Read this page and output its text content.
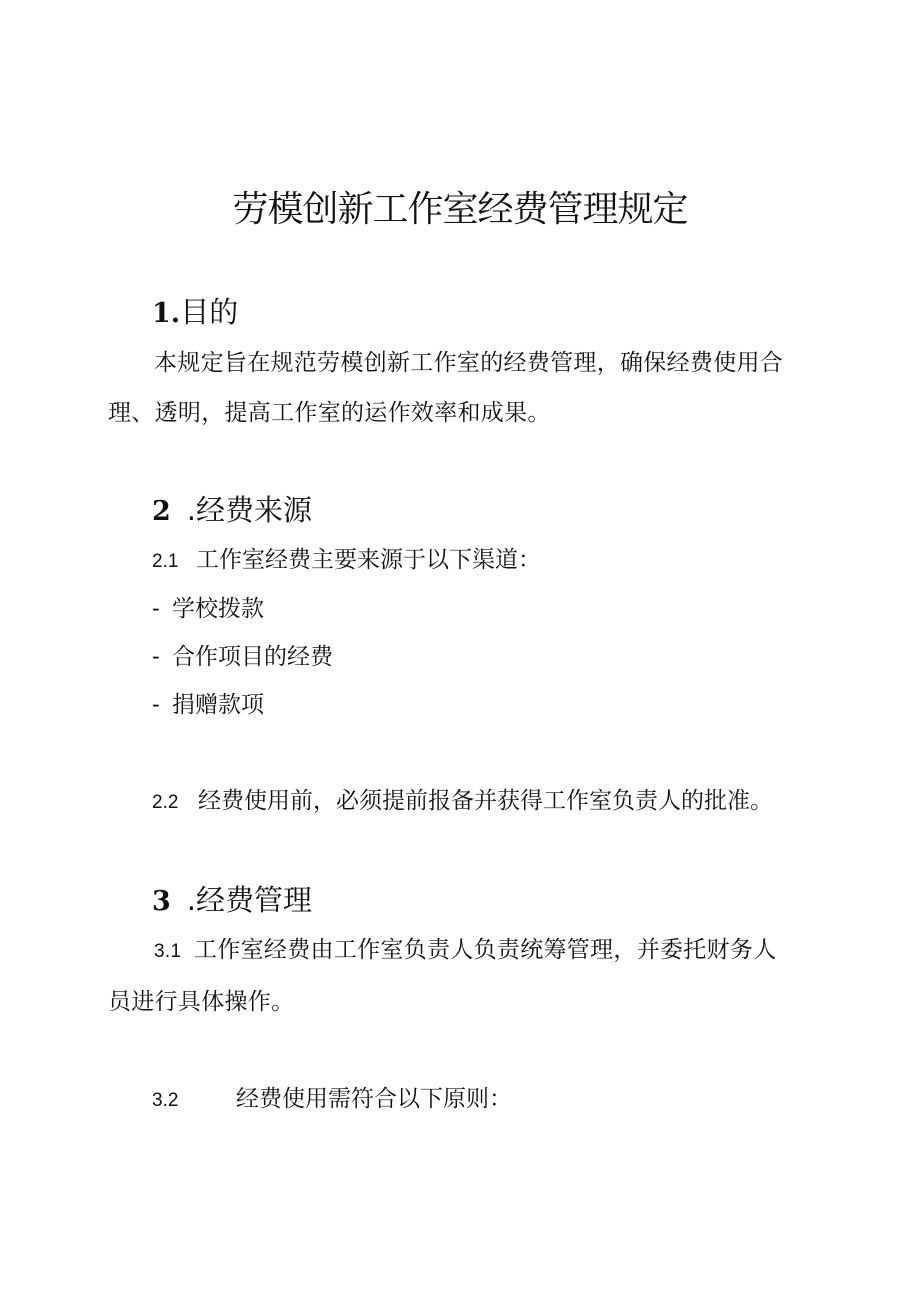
劳模创新工作室经费管理规定
1.目的

本规定旨在规范劳模创新工作室的经费管理，确保经费使用合理、透明，提高工作室的运作效率和成果。

2 .经费来源
2.1 工作室经费主要来源于以下渠道：
- 学校拨款
- 合作项目的经费
- 捐赠款项
2.2 经费使用前，必须提前报备并获得工作室负责人的批准。
3 .经费管理

3.1 工作室经费由工作室负责人负责统筹管理，并委托财务人员进行具体操作。

3.2	经费使用需符合以下原则：
